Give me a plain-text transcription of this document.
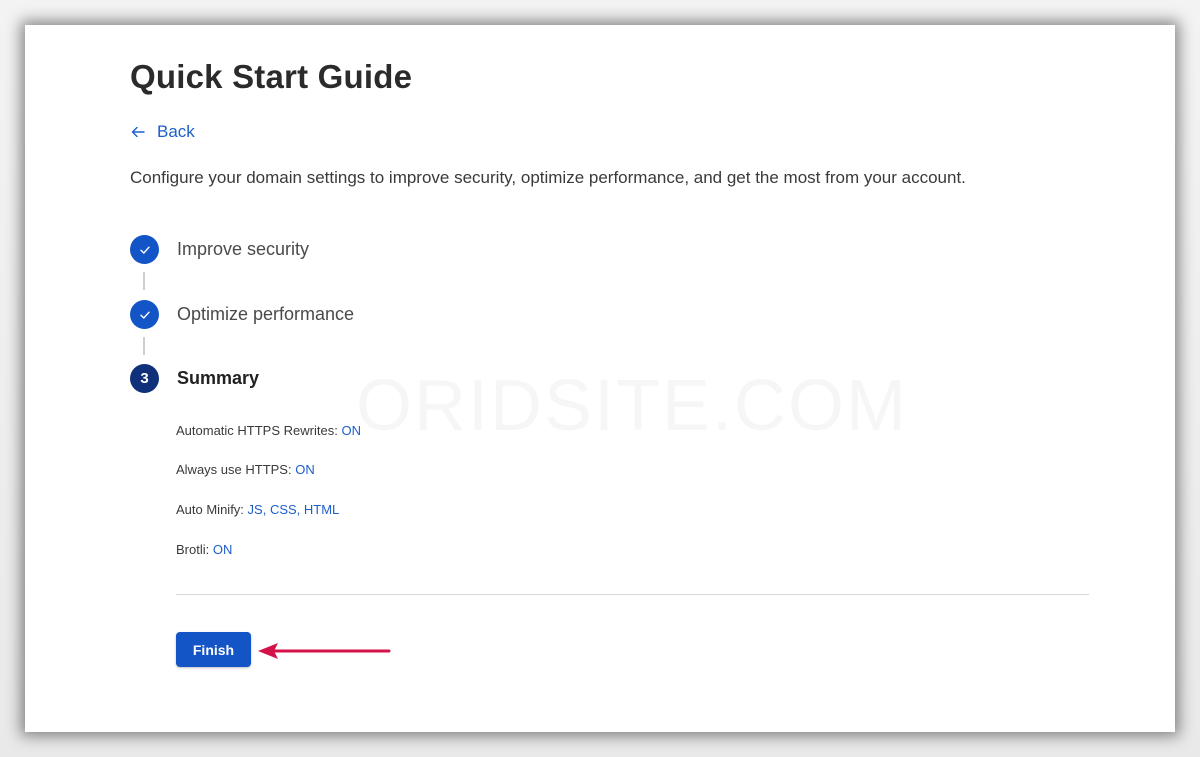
Quick Start Guide
Back

Configure your domain settings to improve security, optimize performance, and get the most from your account.

Improve security
Optimize performance
3	Summary
Automatic HTTPS Rewrites: ON
Always use HTTPS: ON
Auto Minify: JS, CSS, HTML
Brotli: ON
Finish
